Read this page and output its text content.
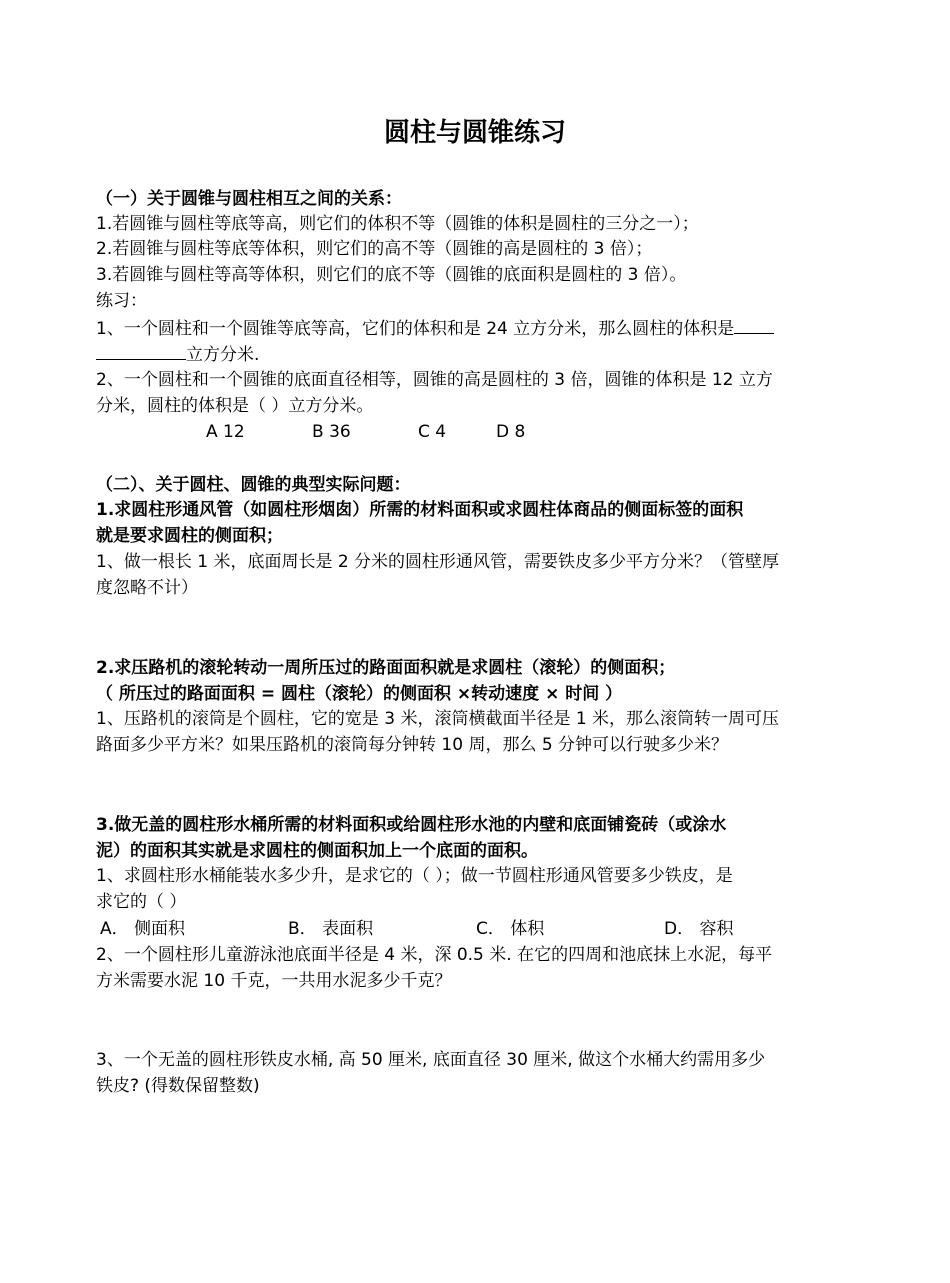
圆柱与圆锥练习
（一）关于圆锥与圆柱相互之间的关系：
1.若圆锥与圆柱等底等高，则它们的体积不等（圆锥的体积是圆柱的三分之一）；
2.若圆锥与圆柱等底等体积，则它们的高不等（圆锥的高是圆柱的 3 倍）；
3.若圆锥与圆柱等高等体积，则它们的底不等（圆锥的底面积是圆柱的 3 倍）。
练习：
1、一个圆柱和一个圆锥等底等高，它们的体积和是 24 立方分米，那么圆柱的体积是
立方分米.
2、一个圆柱和一个圆锥的底面直径相等，圆锥的高是圆柱的 3 倍，圆锥的体积是 12 立方
分米，圆柱的体积是（ ）立方分米。
A 12	B 36	C 4	D 8
（二）、关于圆柱、圆锥的典型实际问题：
1.求圆柱形通风管（如圆柱形烟囱）所需的材料面积或求圆柱体商品的侧面标签的面积
就是要求圆柱的侧面积；
1、做一根长 1 米，底面周长是 2 分米的圆柱形通风管，需要铁皮多少平方分米？（管壁厚
度忽略不计）
2.求压路机的滚轮转动一周所压过的路面面积就是求圆柱（滚轮）的侧面积；
（ 所压过的路面面积 = 圆柱（滚轮）的侧面积 ×转动速度 × 时间 ）
1、压路机的滚筒是个圆柱，它的宽是 3 米，滚筒横截面半径是 1 米，那么滚筒转一周可压
路面多少平方米？如果压路机的滚筒每分钟转 10 周，那么 5 分钟可以行驶多少米？
3.做无盖的圆柱形水桶所需的材料面积或给圆柱形水池的内壁和底面铺瓷砖（或涂水
泥）的面积其实就是求圆柱的侧面积加上一个底面的面积。
1、求圆柱形水桶能装水多少升，是求它的（ ）；做一节圆柱形通风管要多少铁皮，是
求它的（ ）
A． 侧面积	B． 表面积	C． 体积	D． 容积
2、一个圆柱形儿童游泳池底面半径是 4 米，深 0.5 米. 在它的四周和池底抹上水泥，每平
方米需要水泥 10 千克，一共用水泥多少千克？
3、一个无盖的圆柱形铁皮水桶, 高 50 厘米, 底面直径 30 厘米, 做这个水桶大约需用多少
铁皮? (得数保留整数)
